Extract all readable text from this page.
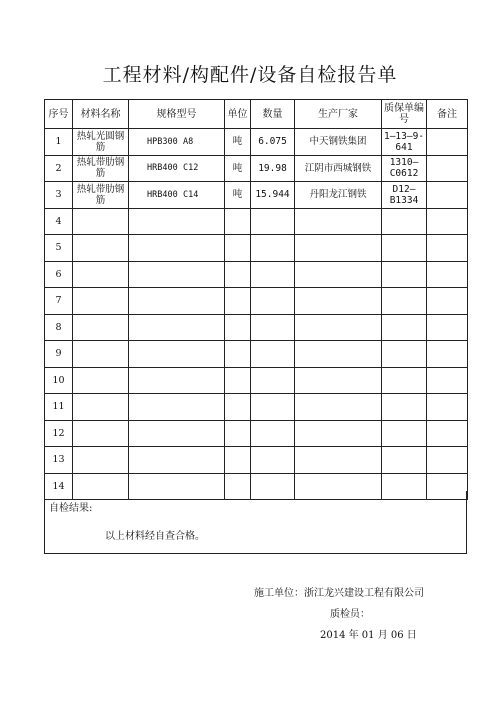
工程材料/构配件/设备自检报告单
序号	材料名称	规格型号	单位	数量	生产厂家	质保单编号	备注
1	热轧光圆钢筋	HPB300 A8	吨	6.075	中天钢铁集团	1—13—9-641	
2	热轧带肋钢筋	HRB400 C12	吨	19.98	江阴市西城钢铁	1310—C0612	
3	热轧带肋钢筋	HRB400 C14	吨	15.944	丹阳龙江钢铁	D12—B1334	
4							
5							
6							
7							
8							
9							
10							
11							
12							
13							
14							
自检结果:
以上材料经自查合格。
施工单位：浙江龙兴建设工程有限公司
质检员：
2014 年 01 月 06 日
